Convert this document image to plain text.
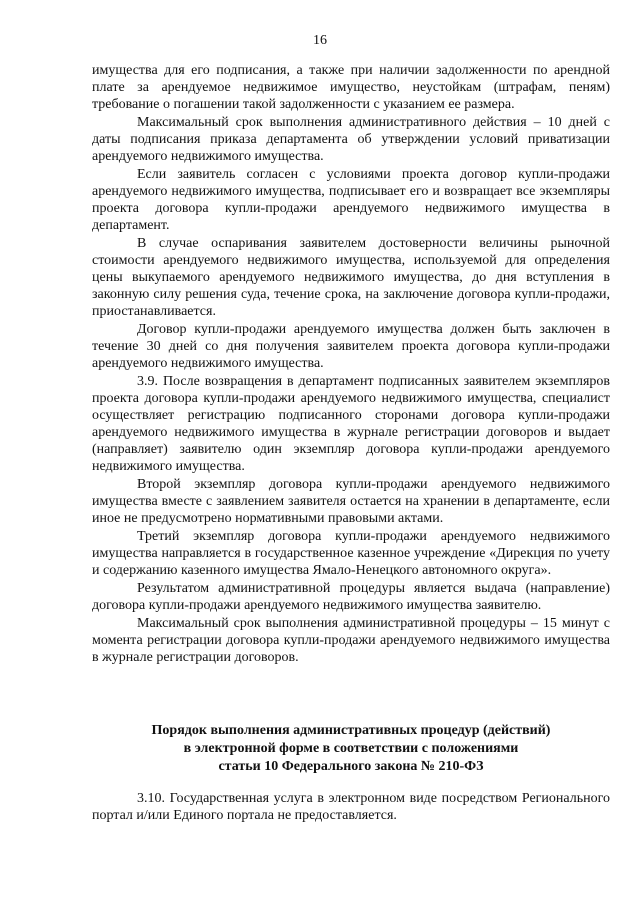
16

имущества для его подписания, а также при наличии задолженности по арендной плате за арендуемое недвижимое имущество, неустойкам (штрафам, пеням) требование о погашении такой задолженности с указанием ее размера.

Максимальный срок выполнения административного действия – 10 дней с даты подписания приказа департамента об утверждении условий приватизации арендуемого недвижимого имущества.

Если заявитель согласен с условиями проекта договор купли-продажи арендуемого недвижимого имущества, подписывает его и возвращает все экземпляры проекта договора купли-продажи арендуемого недвижимого имущества в департамент.

В случае оспаривания заявителем достоверности величины рыночной стоимости арендуемого недвижимого имущества, используемой для определения цены выкупаемого арендуемого недвижимого имущества, до дня вступления в законную силу решения суда, течение срока, на заключение договора купли-продажи, приостанавливается.

Договор купли-продажи арендуемого имущества должен быть заключен в течение 30 дней со дня получения заявителем проекта договора купли-продажи арендуемого недвижимого имущества.

3.9. После возвращения в департамент подписанных заявителем экземпляров проекта договора купли-продажи арендуемого недвижимого имущества, специалист осуществляет регистрацию подписанного сторонами договора купли-продажи арендуемого недвижимого имущества в журнале регистрации договоров и выдает (направляет) заявителю один экземпляр договора купли-продажи арендуемого недвижимого имущества.

Второй экземпляр договора купли-продажи арендуемого недвижимого имущества вместе с заявлением заявителя остается на хранении в департаменте, если иное не предусмотрено нормативными правовыми актами.

Третий экземпляр договора купли-продажи арендуемого недвижимого имущества направляется в государственное казенное учреждение «Дирекция по учету и содержанию казенного имущества Ямало-Ненецкого автономного округа».

Результатом административной процедуры является выдача (направление) договора купли-продажи арендуемого недвижимого имущества заявителю.

Максимальный срок выполнения административной процедуры – 15 минут с момента регистрации договора купли-продажи арендуемого недвижимого имущества в журнале регистрации договоров.

Порядок выполнения административных процедур (действий)
в электронной форме в соответствии с положениями
статьи 10 Федерального закона № 210-ФЗ

3.10. Государственная услуга в электронном виде посредством Регионального портал и/или Единого портала не предоставляется.
